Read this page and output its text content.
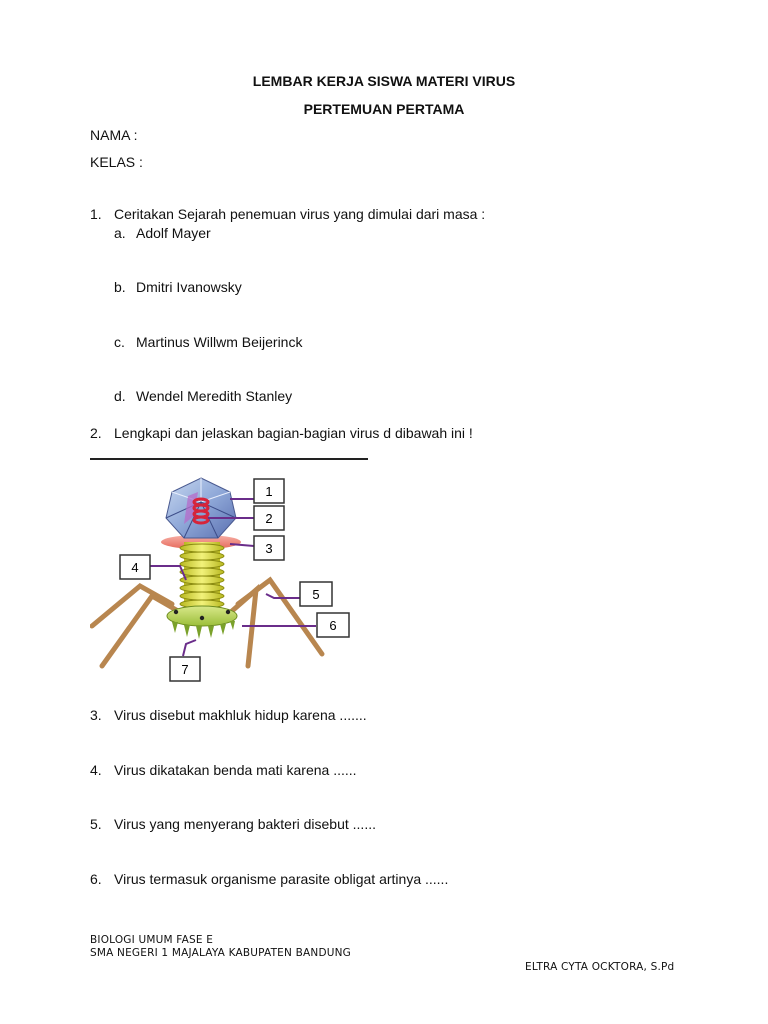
LEMBAR KERJA SISWA MATERI VIRUS
PERTEMUAN PERTAMA
NAMA :
KELAS :
1. Ceritakan Sejarah penemuan virus yang dimulai dari masa :
a. Adolf Mayer
b. Dmitri Ivanowsky
c. Martinus Willwm Beijerinck
d. Wendel Meredith Stanley
2. Lengkapi dan jelaskan bagian-bagian virus d dibawah ini !
1
2
3
4
5
6
7
3. Virus disebut makhluk hidup karena .......
4. Virus dikatakan benda mati karena ......
5. Virus yang menyerang bakteri disebut ......
6. Virus termasuk organisme parasite obligat artinya ......
BIOLOGI UMUM FASE E
SMA NEGERI 1 MAJALAYA KABUPATEN BANDUNG
ELTRA CYTA OCKTORA, S.Pd
